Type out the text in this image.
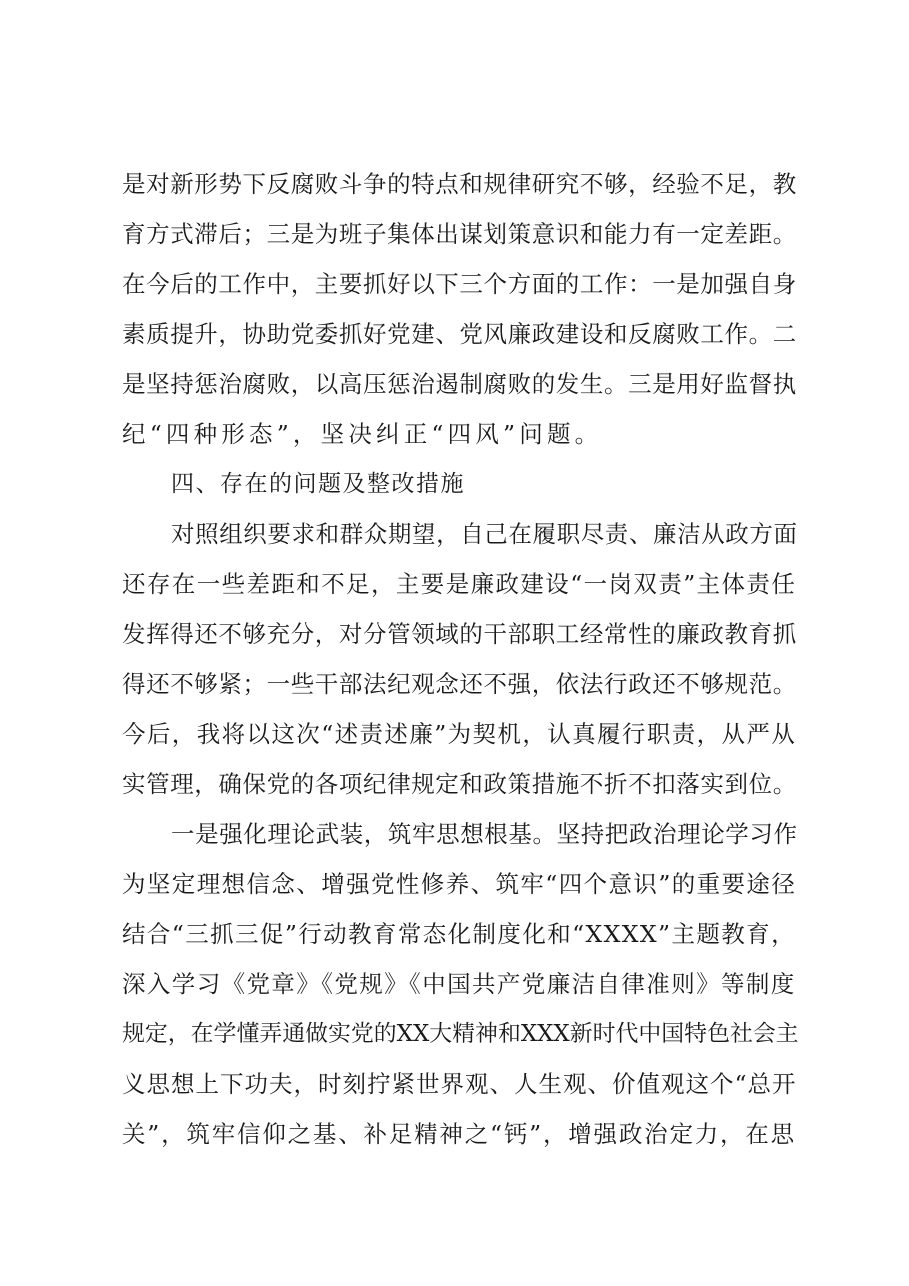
是对新形势下反腐败斗争的特点和规律研究不够，经验不足，教
育方式滞后；三是为班子集体出谋划策意识和能力有一定差距。
在今后的工作中，主要抓好以下三个方面的工作：一是加强自身
素质提升，协助党委抓好党建、党风廉政建设和反腐败工作。二
是坚持惩治腐败，以高压惩治遏制腐败的发生。三是用好监督执
纪“四种形态”，坚决纠正“四风”问题。
四、存在的问题及整改措施
对照组织要求和群众期望，自己在履职尽责、廉洁从政方面
还存在一些差距和不足，主要是廉政建设“一岗双责”主体责任
发挥得还不够充分，对分管领域的干部职工经常性的廉政教育抓
得还不够紧；一些干部法纪观念还不强，依法行政还不够规范。
今后，我将以这次“述责述廉”为契机，认真履行职责，从严从
实管理，确保党的各项纪律规定和政策措施不折不扣落实到位。
一是强化理论武装，筑牢思想根基。坚持把政治理论学习作
为坚定理想信念、增强党性修养、筑牢“四个意识”的重要途径
结合“三抓三促”行动教育常态化制度化和“XXXX”主题教育，
深入学习《党章》《党规》《中国共产党廉洁自律准则》等制度
规定，在学懂弄通做实党的XX大精神和XXX新时代中国特色社会主
义思想上下功夫，时刻拧紧世界观、人生观、价值观这个“总开
关”，筑牢信仰之基、补足精神之“钙”，增强政治定力，在思
